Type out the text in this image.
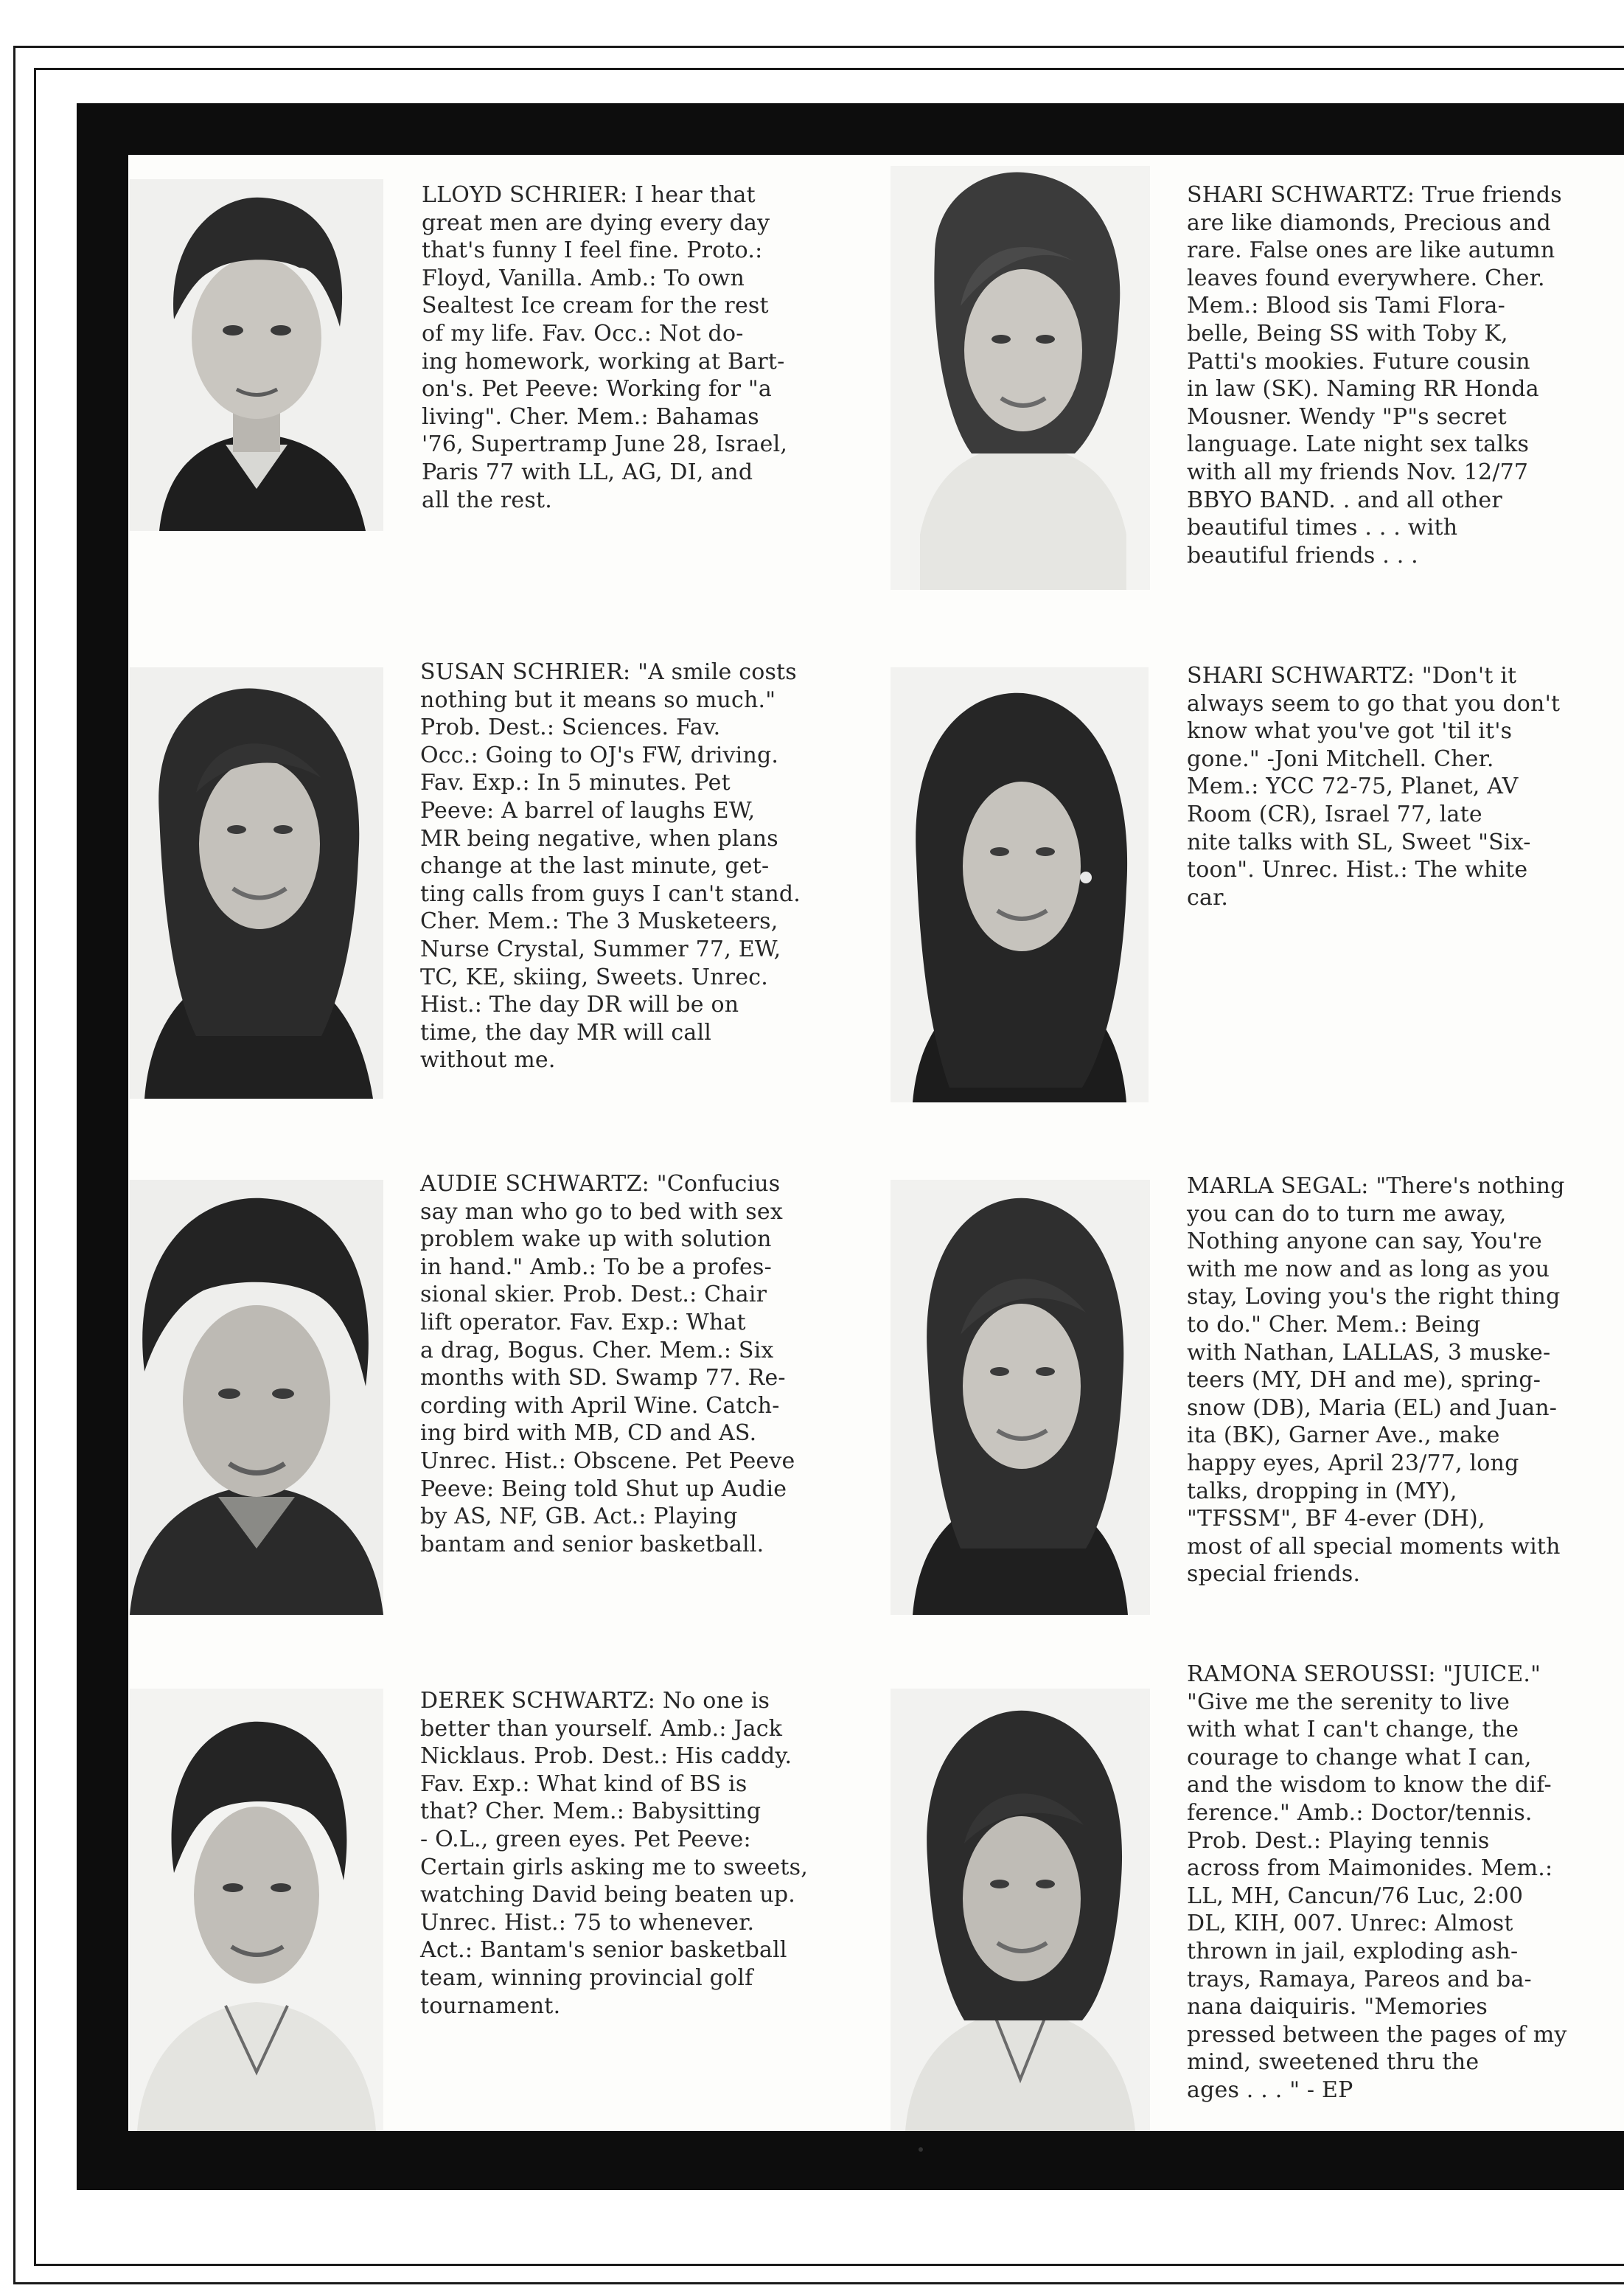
LLOYD SCHRIER: I hear that
great men are dying every day
that's funny I feel fine. Proto.:
Floyd, Vanilla. Amb.: To own
Sealtest Ice cream for the rest
of my life. Fav. Occ.: Not do-
ing homework, working at Bart-
on's. Pet Peeve: Working for "a
living". Cher. Mem.: Bahamas
'76, Supertramp June 28, Israel,
Paris 77 with LL, AG, DI, and
all the rest.
SHARI SCHWARTZ: True friends
are like diamonds, Precious and
rare. False ones are like autumn
leaves found everywhere. Cher.
Mem.: Blood sis Tami Flora-
belle, Being SS with Toby K,
Patti's mookies. Future cousin
in law (SK). Naming RR Honda
Mousner. Wendy "P"s secret
language. Late night sex talks
with all my friends Nov. 12/77
BBYO BAND. . and all other
beautiful times . . . with
beautiful friends . . .
SUSAN SCHRIER: "A smile costs
nothing but it means so much."
Prob. Dest.: Sciences. Fav.
Occ.: Going to OJ's FW, driving.
Fav. Exp.: In 5 minutes. Pet
Peeve: A barrel of laughs EW,
MR being negative, when plans
change at the last minute, get-
ting calls from guys I can't stand.
Cher. Mem.: The 3 Musketeers,
Nurse Crystal, Summer 77, EW,
TC, KE, skiing, Sweets. Unrec.
Hist.: The day DR will be on
time, the day MR will call
without me.
SHARI SCHWARTZ: "Don't it
always seem to go that you don't
know what you've got 'til it's
gone." -Joni Mitchell. Cher.
Mem.: YCC 72-75, Planet, AV
Room (CR), Israel 77, late
nite talks with SL, Sweet "Six-
toon". Unrec. Hist.: The white
car.
AUDIE SCHWARTZ: "Confucius
say man who go to bed with sex
problem wake up with solution
in hand." Amb.: To be a profes-
sional skier. Prob. Dest.: Chair
lift operator. Fav. Exp.: What
a drag, Bogus. Cher. Mem.: Six
months with SD. Swamp 77. Re-
cording with April Wine. Catch-
ing bird with MB, CD and AS.
Unrec. Hist.: Obscene. Pet Peeve
Peeve: Being told Shut up Audie
by AS, NF, GB. Act.: Playing
bantam and senior basketball.
MARLA SEGAL: "There's nothing
you can do to turn me away,
Nothing anyone can say, You're
with me now and as long as you
stay, Loving you's the right thing
to do." Cher. Mem.: Being
with Nathan, LALLAS, 3 muske-
teers (MY, DH and me), spring-
snow (DB), Maria (EL) and Juan-
ita (BK), Garner Ave., make
happy eyes, April 23/77, long
talks, dropping in (MY),
"TFSSM", BF 4-ever (DH),
most of all special moments with
special friends.
DEREK SCHWARTZ: No one is
better than yourself. Amb.: Jack
Nicklaus. Prob. Dest.: His caddy.
Fav. Exp.: What kind of BS is
that? Cher. Mem.: Babysitting
- O.L., green eyes. Pet Peeve:
Certain girls asking me to sweets,
watching David being beaten up.
Unrec. Hist.: 75 to whenever.
Act.: Bantam's senior basketball
team, winning provincial golf
tournament.
RAMONA SEROUSSI: "JUICE."
"Give me the serenity to live
with what I can't change, the
courage to change what I can,
and the wisdom to know the dif-
ference." Amb.: Doctor/tennis.
Prob. Dest.: Playing tennis
across from Maimonides. Mem.:
LL, MH, Cancun/76 Luc, 2:00
DL, KIH, 007. Unrec: Almost
thrown in jail, exploding ash-
trays, Ramaya, Pareos and ba-
nana daiquiris. "Memories
pressed between the pages of my
mind, sweetened thru the
ages . . . " - EP
